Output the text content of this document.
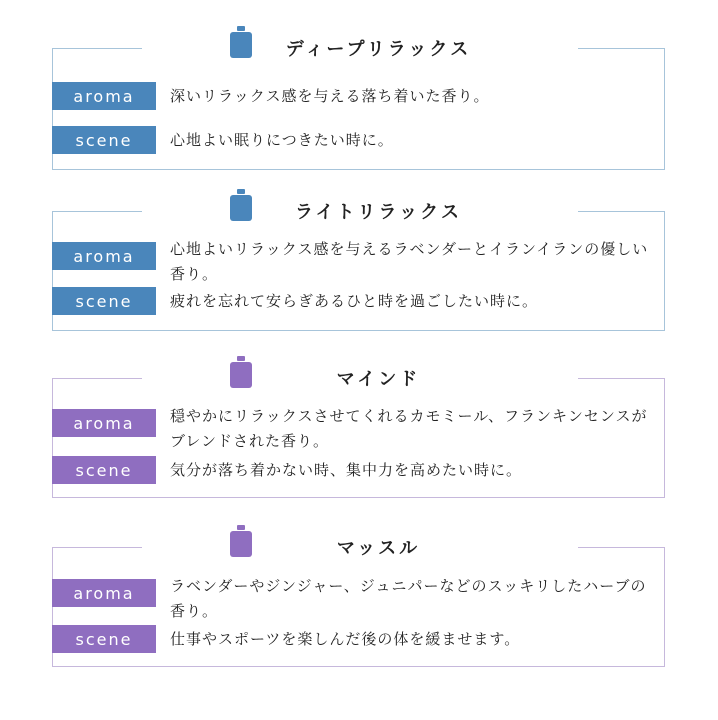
ディープリラックス
aroma	深いリラックス感を与える落ち着いた香り。
scene	心地よい眠りにつきたい時に。
ライトリラックス
aroma	心地よいリラックス感を与えるラベンダーとイランイランの優しい香り。
scene	疲れを忘れて安らぎあるひと時を過ごしたい時に。
マインド
aroma	穏やかにリラックスさせてくれるカモミール、フランキンセンスがブレンドされた香り。
scene	気分が落ち着かない時、集中力を高めたい時に。
マッスル
aroma	ラベンダーやジンジャー、ジュニパーなどのスッキリしたハーブの香り。
scene	仕事やスポーツを楽しんだ後の体を緩ませます。
